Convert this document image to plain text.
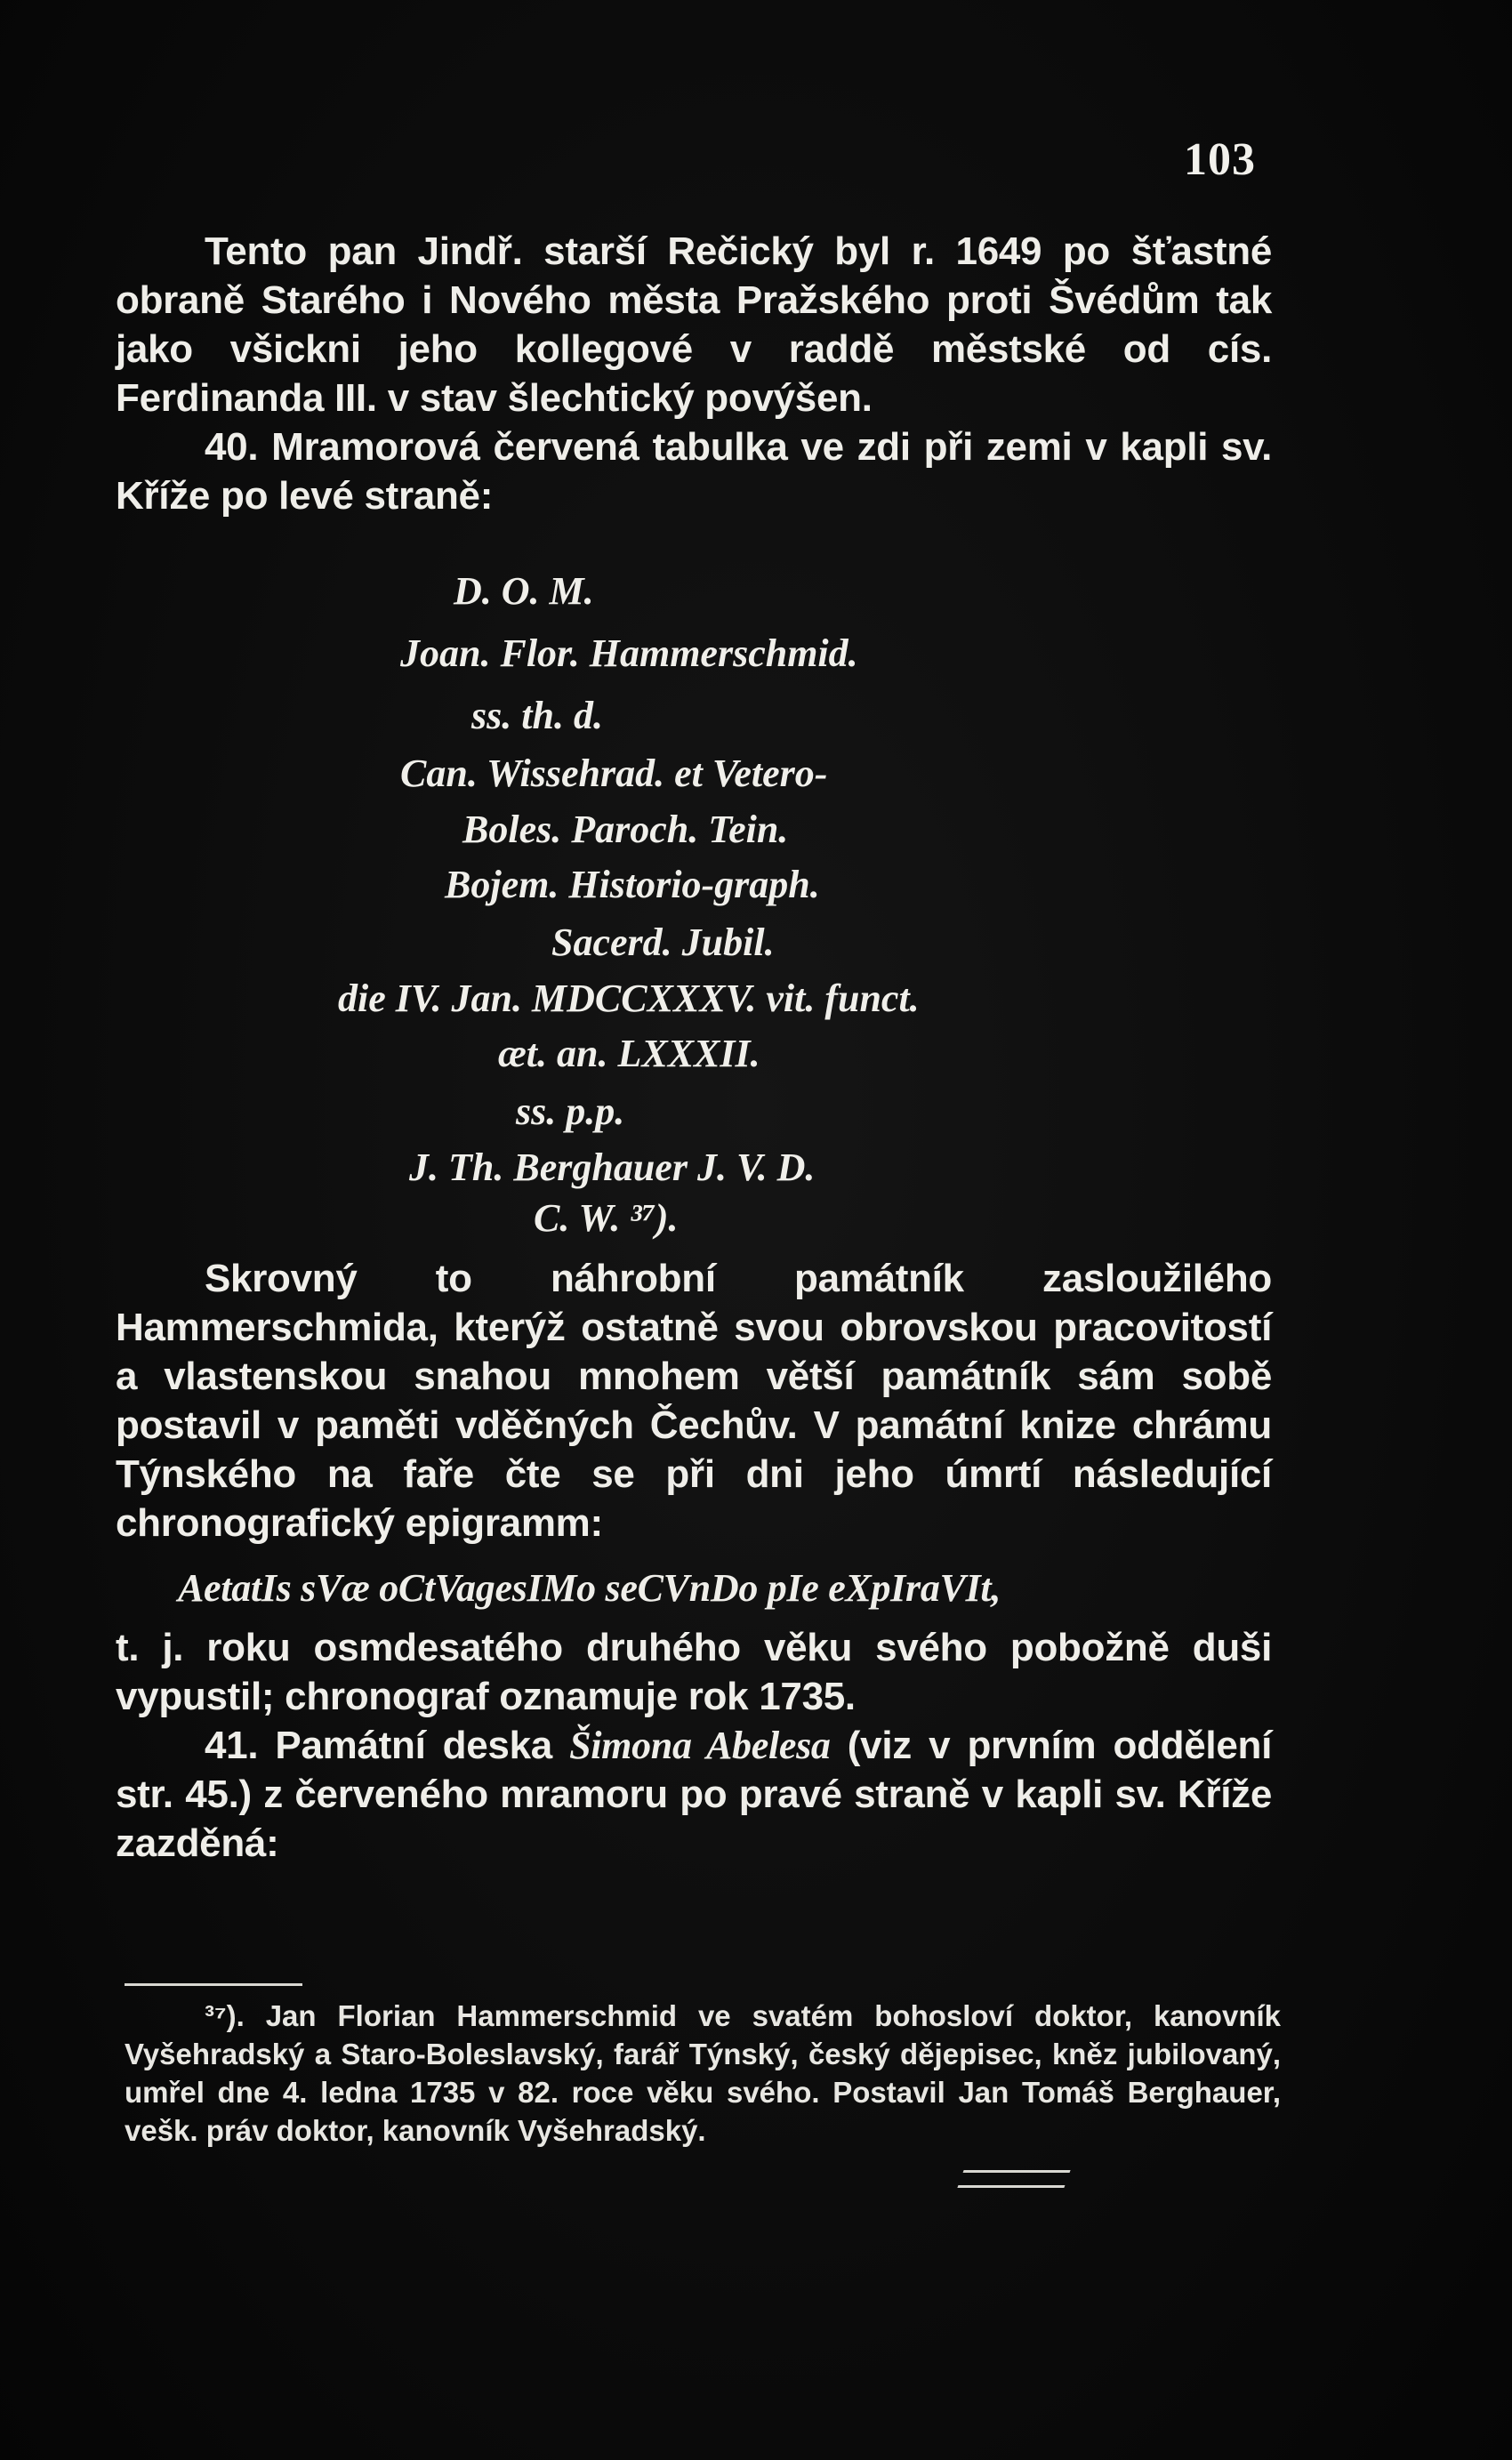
103

Tento pan Jindř. starší Rečický byl r. 1649 po šťastné obraně Starého i Nového města Pražského proti Švédům tak jako všickni jeho kollegové v raddě městské od cís. Ferdinanda III. v stav šlechtický povýšen.

40. Mramorová červená tabulka ve zdi při zemi v kapli sv. Kříže po levé straně:

D. O. M.
Joan. Flor. Hammerschmid.
ss. th. d.
Can. Wissehrad. et Vetero-
Boles. Paroch. Tein.
Bojem. Historio-graph.
Sacerd. Jubil.
die IV. Jan. MDCCXXXV. vit. funct.
æt. an. LXXXII.
ss. p.p.
J. Th. Berghauer J. V. D.
C. W. ³⁷).

Skrovný to náhrobní památník zasloužilého Hammerschmida, kterýž ostatně svou obrovskou pracovitostí a vlastenskou snahou mnohem větší památník sám sobě postavil v paměti vděčných Čechův. V památní knize chrámu Týnského na faře čte se při dni jeho úmrtí následující chronografický epigramm:

AetatIs sVæ oCtVagesIMo seCVnDo pIe eXpIraVIt,

t. j. roku osmdesatého druhého věku svého pobožně duši vypustil; chronograf oznamuje rok 1735.

41. Památní deska Šimona Abelesa (viz v prvním oddělení str. 45.) z červeného mramoru po pravé straně v kapli sv. Kříže zazděná:

³⁷). Jan Florian Hammerschmid ve svatém bohosloví doktor, kanovník Vyšehradský a Staro-Boleslavský, farář Týnský, český dějepisec, kněz jubilovaný, umřel dne 4. ledna 1735 v 82. roce věku svého. Postavil Jan Tomáš Berghauer, vešk. práv doktor, kanovník Vyšehradský.
